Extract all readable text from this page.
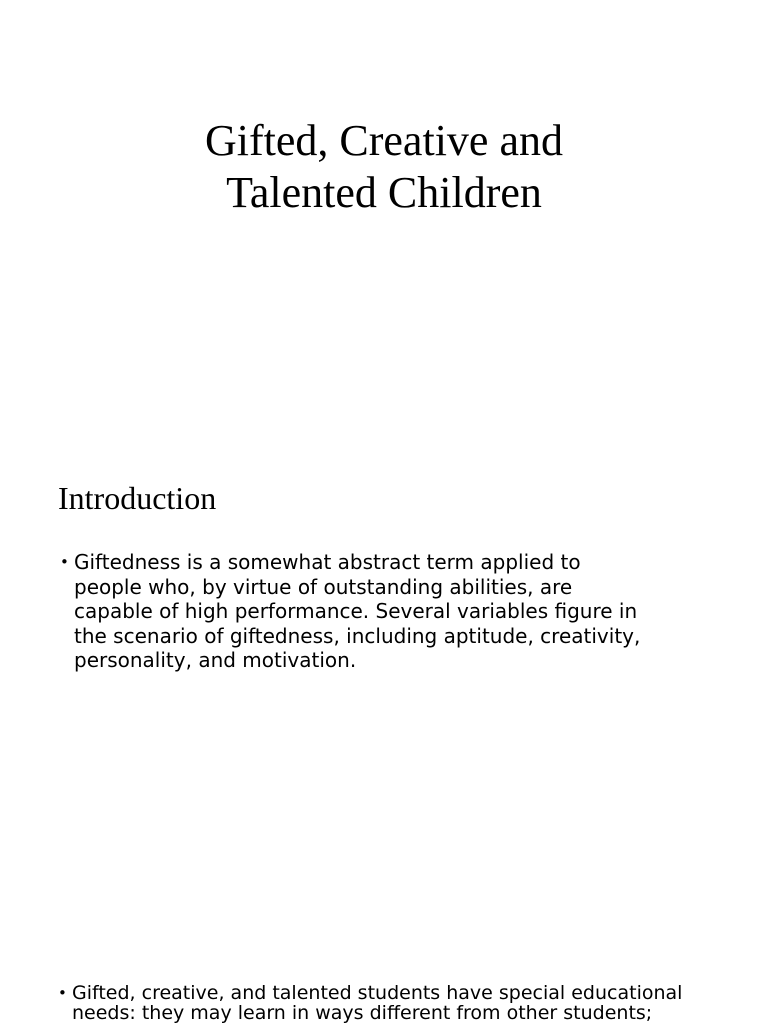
Gifted, Creative and
Talented Children
Introduction
• Giftedness is a somewhat abstract term applied to
people who, by virtue of outstanding abilities, are
capable of high performance. Several variables figure in
the scenario of giftedness, including aptitude, creativity,
personality, and motivation.
• Gifted, creative, and talented students have special educational
needs: they may learn in ways different from other students;
